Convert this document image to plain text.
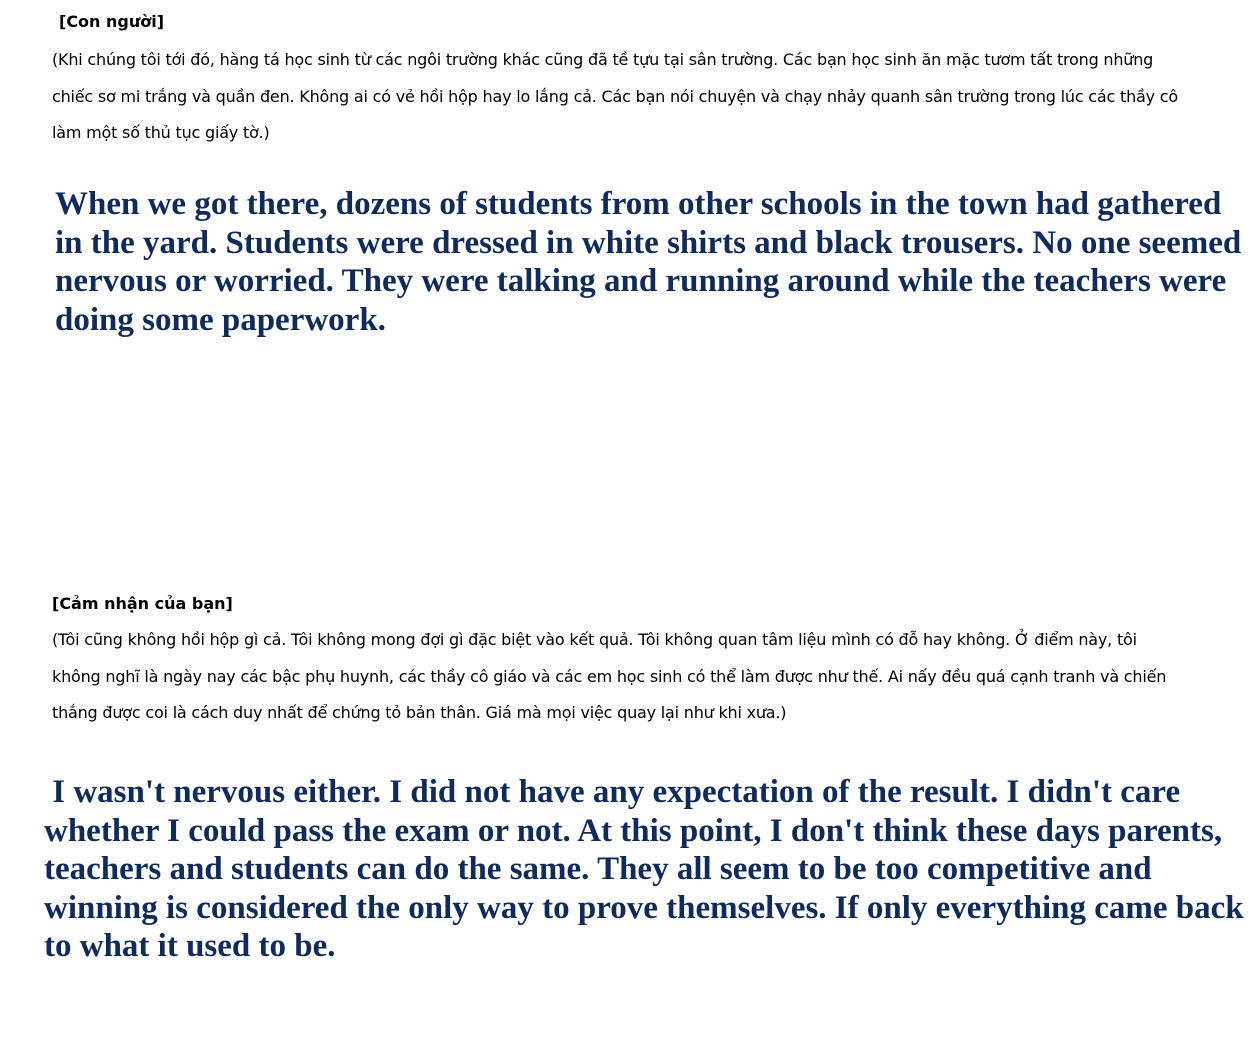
[Con người]

(Khi chúng tôi tới đó, hàng tá học sinh từ các ngôi trường khác cũng đã tề tựu tại sân trường. Các bạn học sinh ăn mặc tươm tất trong những chiếc sơ mi trắng và quần đen. Không ai có vẻ hồi hộp hay lo lắng cả. Các bạn nói chuyện và chạy nhảy quanh sân trường trong lúc các thầy cô làm một số thủ tục giấy tờ.)

When we got there, dozens of students from other schools in the town had gathered in the yard. Students were dressed in white shirts and black trousers. No one seemed nervous or worried. They were talking and running around while the teachers were doing some paperwork.

[Cảm nhận của bạn]

(Tôi cũng không hồi hộp gì cả. Tôi không mong đợi gì đặc biệt vào kết quả. Tôi không quan tâm liệu mình có đỗ hay không. Ở điểm này, tôi không nghĩ là ngày nay các bậc phụ huynh, các thầy cô giáo và các em học sinh có thể làm được như thế. Ai nấy đều quá cạnh tranh và chiến thắng được coi là cách duy nhất để chứng tỏ bản thân. Giá mà mọi việc quay lại như khi xưa.)

I wasn't nervous either. I did not have any expectation of the result. I didn't care whether I could pass the exam or not. At this point, I don't think these days parents, teachers and students can do the same. They all seem to be too competitive and winning is considered the only way to prove themselves. If only everything came back to what it used to be.
